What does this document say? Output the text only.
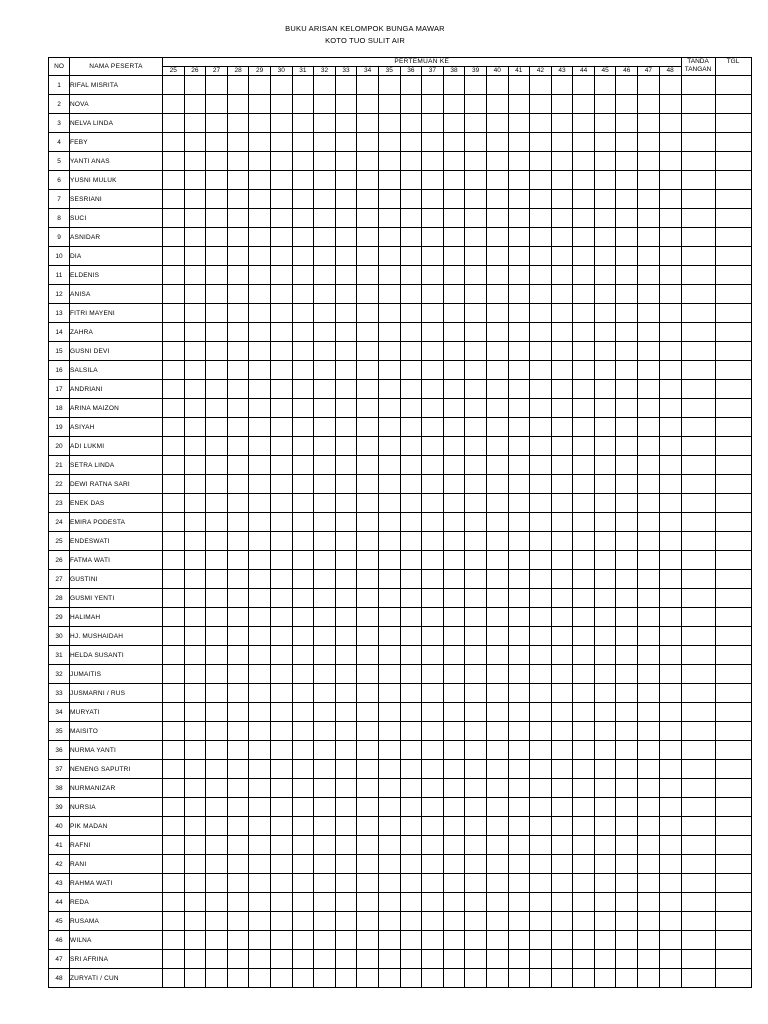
BUKU ARISAN KELOMPOK BUNGA MAWAR
KOTO TUO SULIT AIR
NO	NAMA PESERTA	PERTEMUAN KE																								TANDA
TANGAN	TGL
		25	26	27	28	29	30	31	32	33	34	35	36	37	38	39	40	41	42	43	44	45	46	47	48		
1	RIFAL MISRITA																										
2	NOVA																										
3	NELVA LINDA																										
4	FEBY																										
5	YANTI ANAS																										
6	YUSNI MULUK																										
7	SESRIANI																										
8	SUCI																										
9	ASNIDAR																										
10	DIA																										
11	ELDENIS																										
12	ANISA																										
13	FITRI MAYENI																										
14	ZAHRA																										
15	GUSNI DEVI																										
16	SALSILA																										
17	ANDRIANI																										
18	ARINA MAIZON																										
19	ASIYAH																										
20	ADI LUKMI																										
21	SETRA LINDA																										
22	DEWI RATNA SARI																										
23	ENEK DAS																										
24	EMIRA PODESTA																										
25	ENDESWATI																										
26	FATMA WATI																										
27	GUSTINI																										
28	GUSMI YENTI																										
29	HALIMAH																										
30	HJ. MUSHAIDAH																										
31	HELDA SUSANTI																										
32	JUMAITIS																										
33	JUSMARNI / RUS																										
34	MURYATI																										
35	MAISITO																										
36	NURMA YANTI																										
37	NENENG SAPUTRI																										
38	NURMANIZAR																										
39	NURSIA																										
40	PIK MADAN																										
41	RAFNI																										
42	RANI																										
43	RAHMA WATI																										
44	REDA																										
45	RUSAMA																										
46	WILNA																										
47	SRI AFRINA																										
48	ZURYATI / CUN																										
